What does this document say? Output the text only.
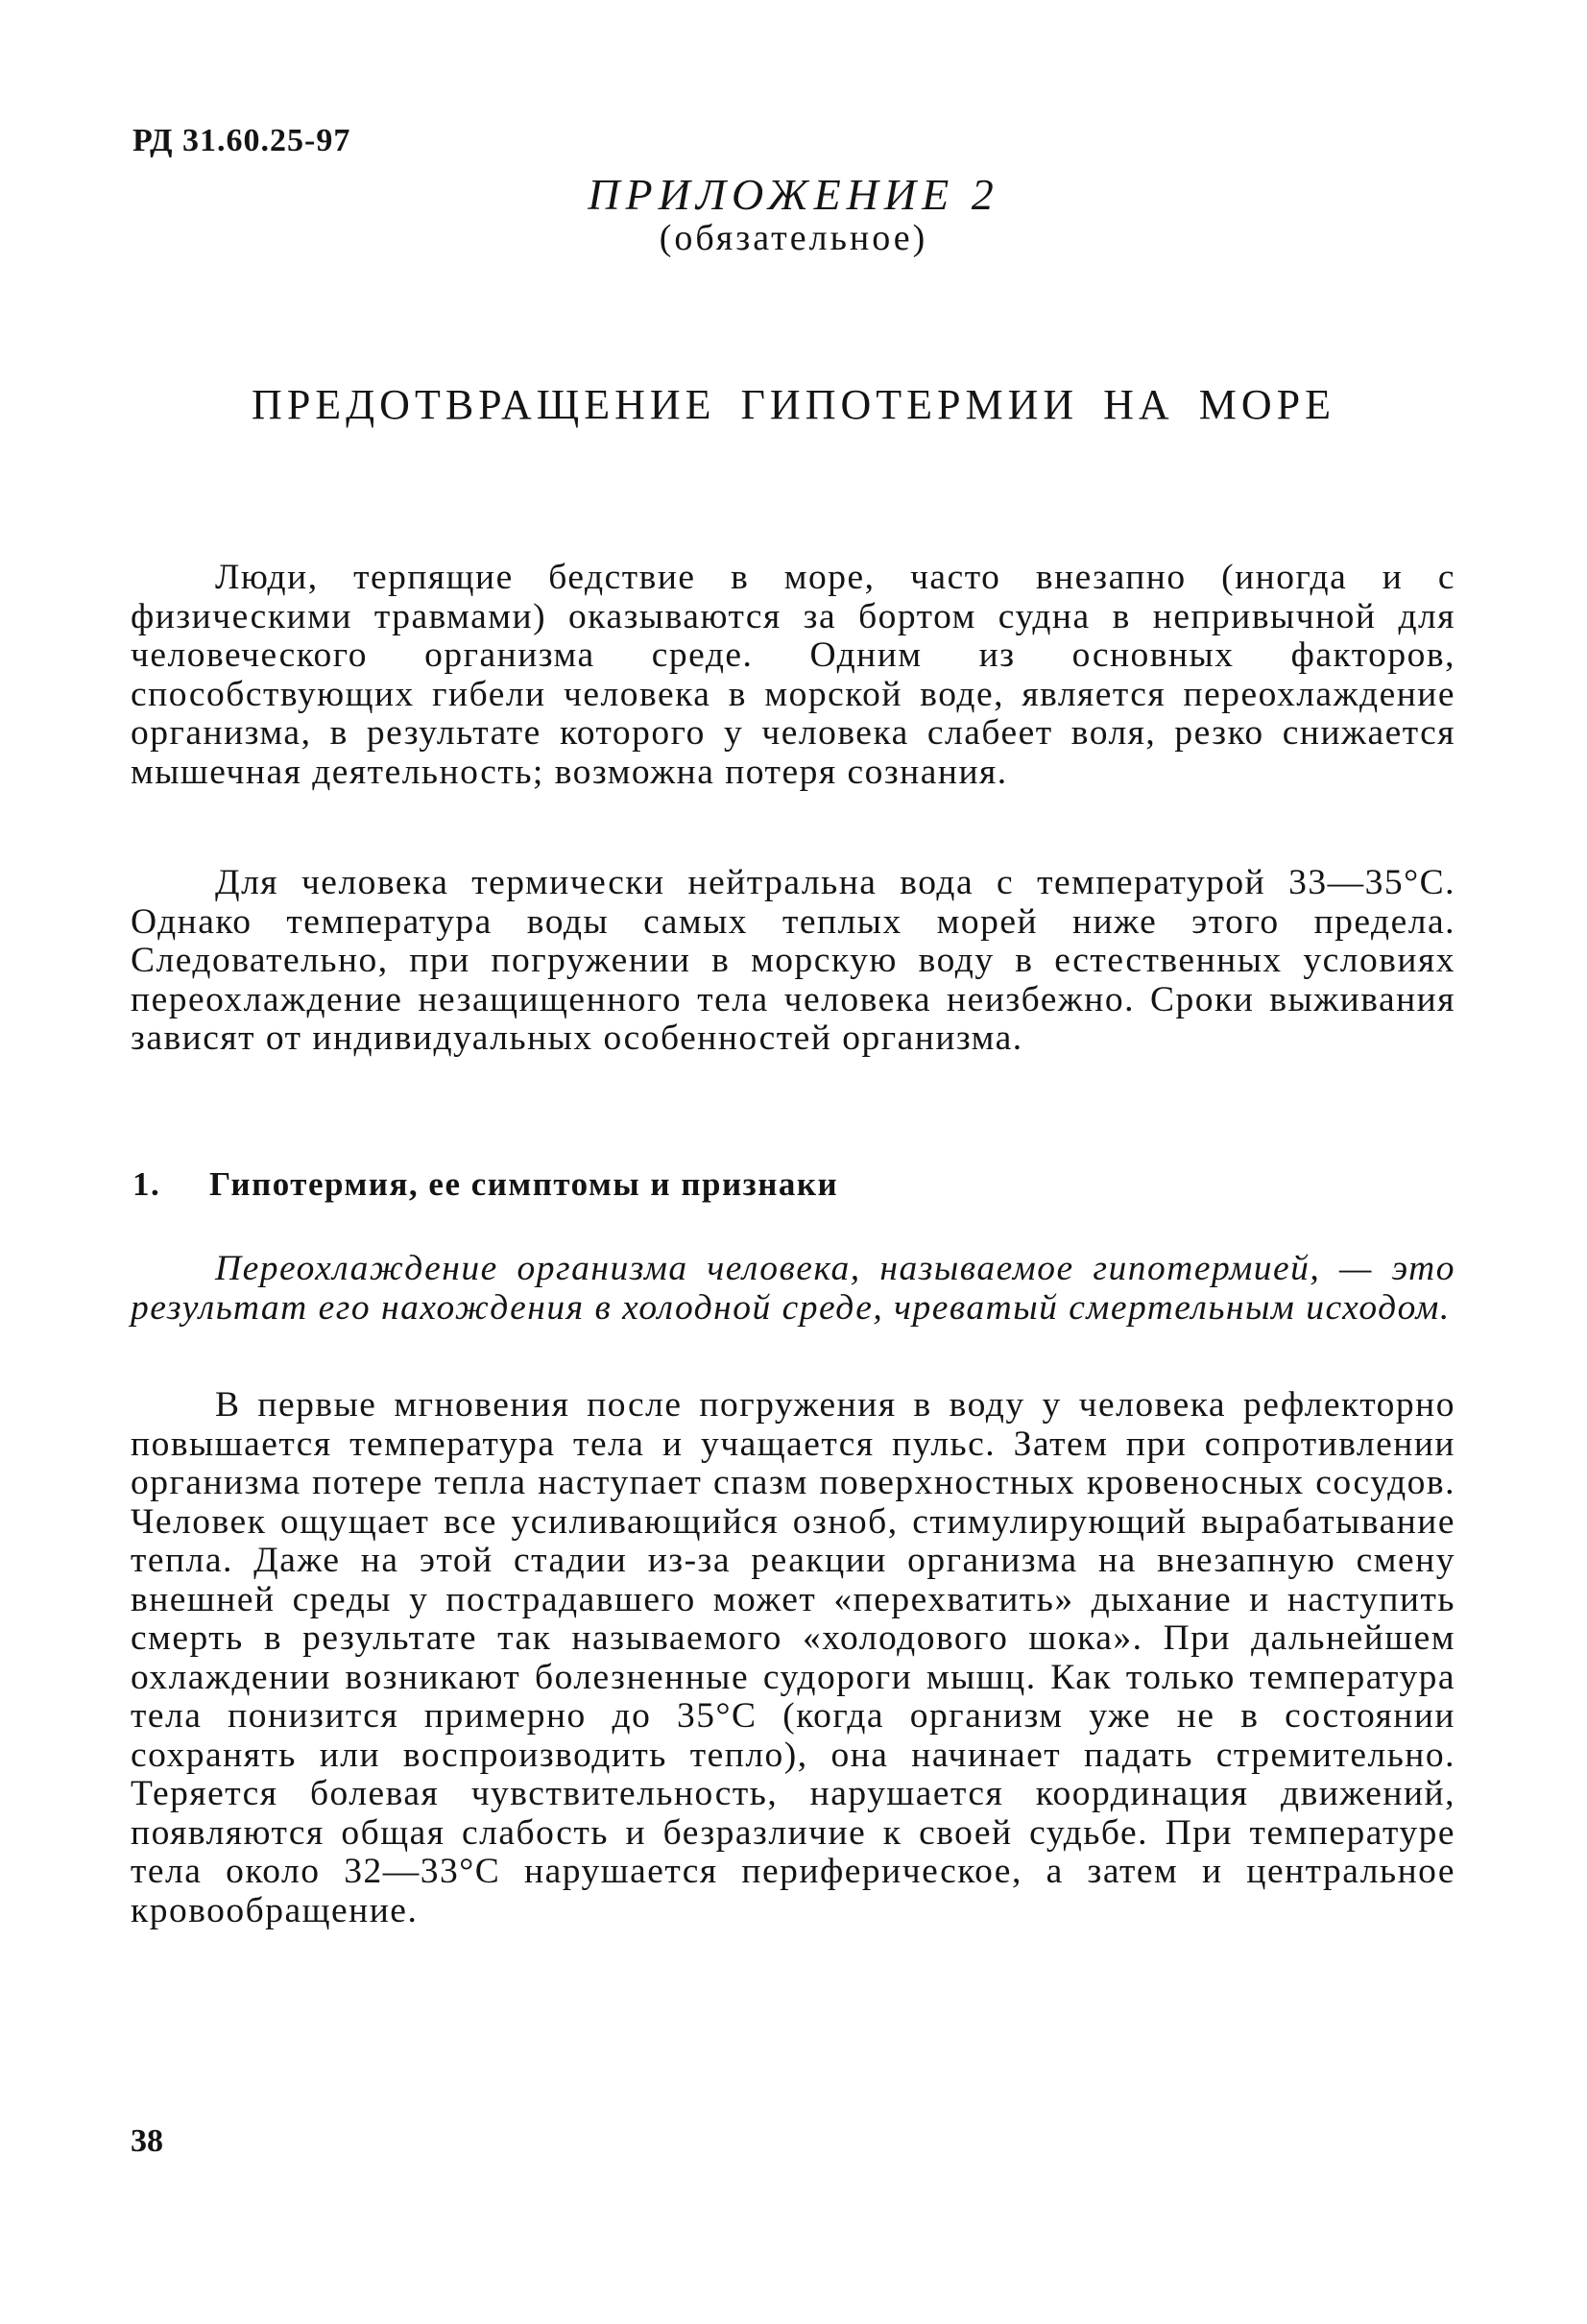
РД 31.60.25-97
ПРИЛОЖЕНИЕ 2
(обязательное)
ПРЕДОТВРАЩЕНИЕ ГИПОТЕРМИИ НА МОРЕ

Люди, терпящие бедствие в море, часто внезапно (иногда и с физическими травмами) оказываются за бортом судна в непривычной для человеческого организма среде. Одним из основных факторов, способствующих гибели человека в морской воде, является переохлаждение организма, в результате которого у человека слабеет воля, резко снижается мышечная деятельность; возможна потеря сознания.

Для человека термически нейтральна вода с температурой 33—35°С. Однако температура воды самых теплых морей ниже этого предела. Следовательно, при погружении в морскую воду в естественных условиях переохлаждение незащищенного тела человека неизбежно. Сроки выживания зависят от индивидуальных особенностей организма.

1. Гипотермия, ее симптомы и признаки

Переохлаждение организма человека, называемое гипотермией, — это результат его нахождения в холодной среде, чреватый смертельным исходом.

В первые мгновения после погружения в воду у человека рефлекторно повышается температура тела и учащается пульс. Затем при сопротивлении организма потере тепла наступает спазм поверхностных кровеносных сосудов. Человек ощущает все усиливающийся озноб, стимулирующий вырабатывание тепла. Даже на этой стадии из-за реакции организма на внезапную смену внешней среды у пострадавшего может «перехватить» дыхание и наступить смерть в результате так называемого «холодового шока». При дальнейшем охлаждении возникают болезненные судороги мышц. Как только температура тела понизится примерно до 35°С (когда организм уже не в состоянии сохранять или воспроизводить тепло), она начинает падать стремительно. Теряется болевая чувствительность, нарушается координация движений, появляются общая слабость и безразличие к своей судьбе. При температуре тела около 32—33°С нарушается периферическое, а затем и центральное кровообращение.

38
